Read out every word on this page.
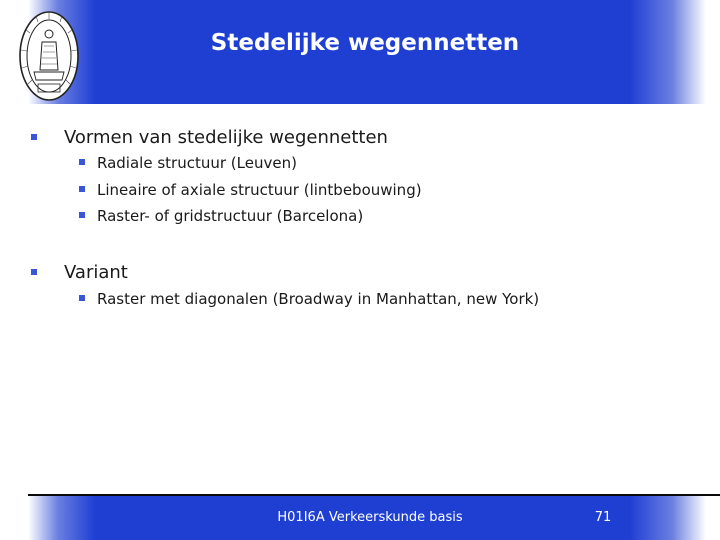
Stedelijke wegennetten
Vormen van stedelijke wegennetten
Radiale structuur (Leuven)
Lineaire of axiale structuur (lintbebouwing)
Raster- of gridstructuur (Barcelona)
Variant
Raster met diagonalen (Broadway in Manhattan, new York)
H01I6A Verkeerskunde basis	71
